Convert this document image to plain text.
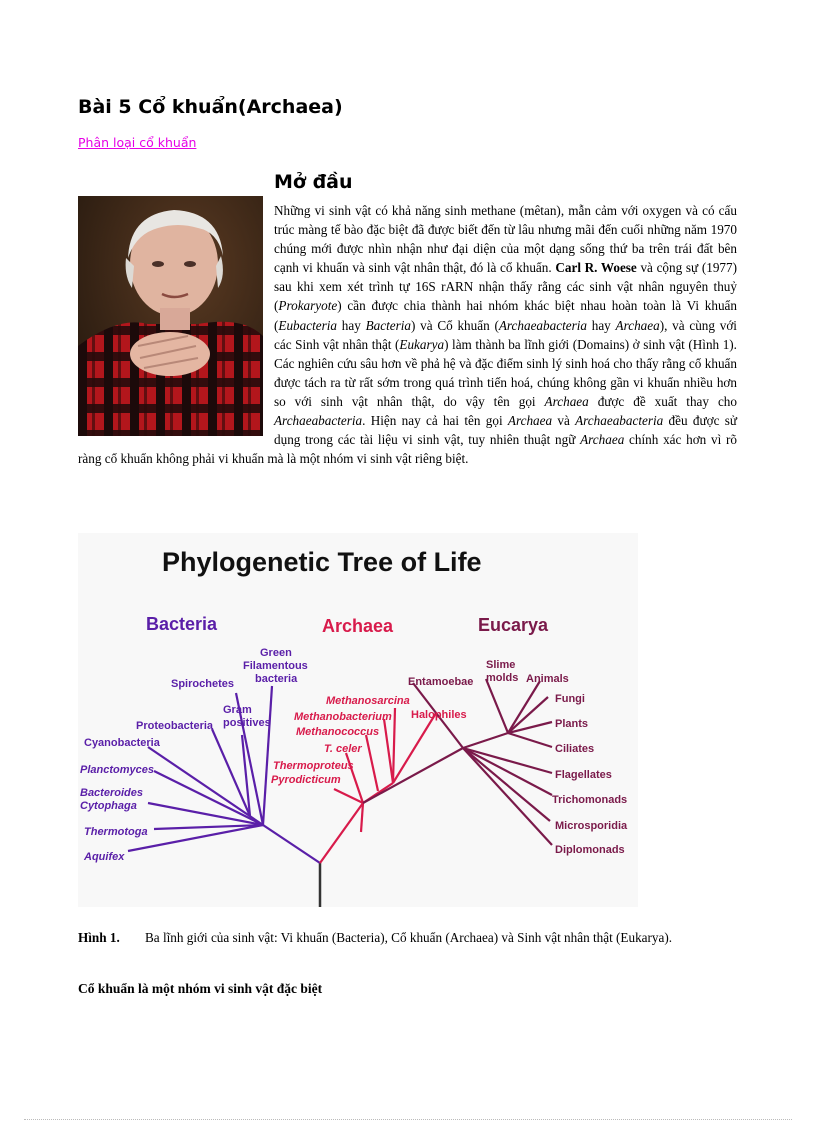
Bài 5 Cổ khuẩn(Archaea)
Phân loại cổ khuẩn
Mở đầu
Những vi sinh vật có khả năng sinh methane (mêtan), mẫn cảm với oxygen và có cấu trúc màng tế bào đặc biệt đã được biết đến từ lâu nhưng mãi đến cuối những năm 1970 chúng mới được nhìn nhận như đại diện của một dạng sống thứ ba trên trái đất bên cạnh vi khuẩn và sinh vật nhân thật, đó là cổ khuẩn. Carl R. Woese và cộng sự (1977) sau khi xem xét trình tự 16S rARN nhận thấy rằng các sinh vật nhân nguyên thuỷ (Prokaryote) cần được chia thành hai nhóm khác biệt nhau hoàn toàn là Vi khuẩn (Eubacteria hay Bacteria) và Cổ khuẩn (Archaeabacteria hay Archaea), và cùng với các Sinh vật nhân thật (Eukarya) làm thành ba lĩnh giới (Domains) ở sinh vật (Hình 1). Các nghiên cứu sâu hơn về phả hệ và đặc điểm sinh lý sinh hoá cho thấy rằng cổ khuẩn được tách ra từ rất sớm trong quá trình tiến hoá, chúng không gần vi khuẩn nhiều hơn so với sinh vật nhân thật, do vậy tên gọi Archaea được đề xuất thay cho Archaeabacteria. Hiện nay cả hai tên gọi Archaea và Archaeabacteria đều được sử dụng trong các tài liệu vi sinh vật, tuy nhiên thuật ngữ Archaea chính xác hơn vì rõ ràng cổ khuẩn không phải vi khuẩn mà là một nhóm vi sinh vật riêng biệt.
Phylogenetic Tree of Life
Bacteria	Archaea	Eucarya
Green
Filamentous
bacteria
Spirochetes
Gram
positives
Proteobacteria
Cyanobacteria
Planctomyces
Bacteroides
Cytophaga
Thermotoga
Aquifex
Methanosarcina
Methanobacterium Halophiles
Methanococcus
T. celer
Thermoproteus
Pyrodicticum
Entamoebae
Slime
molds Animals
Fungi
Plants
Ciliates
Flagellates
Trichomonads
Microsporidia
Diplomonads
Hình 1. Ba lĩnh giới của sinh vật: Vi khuẩn (Bacteria), Cổ khuẩn (Archaea) và Sinh vật nhân thật (Eukarya).
Cổ khuẩn là một nhóm vi sinh vật đặc biệt
